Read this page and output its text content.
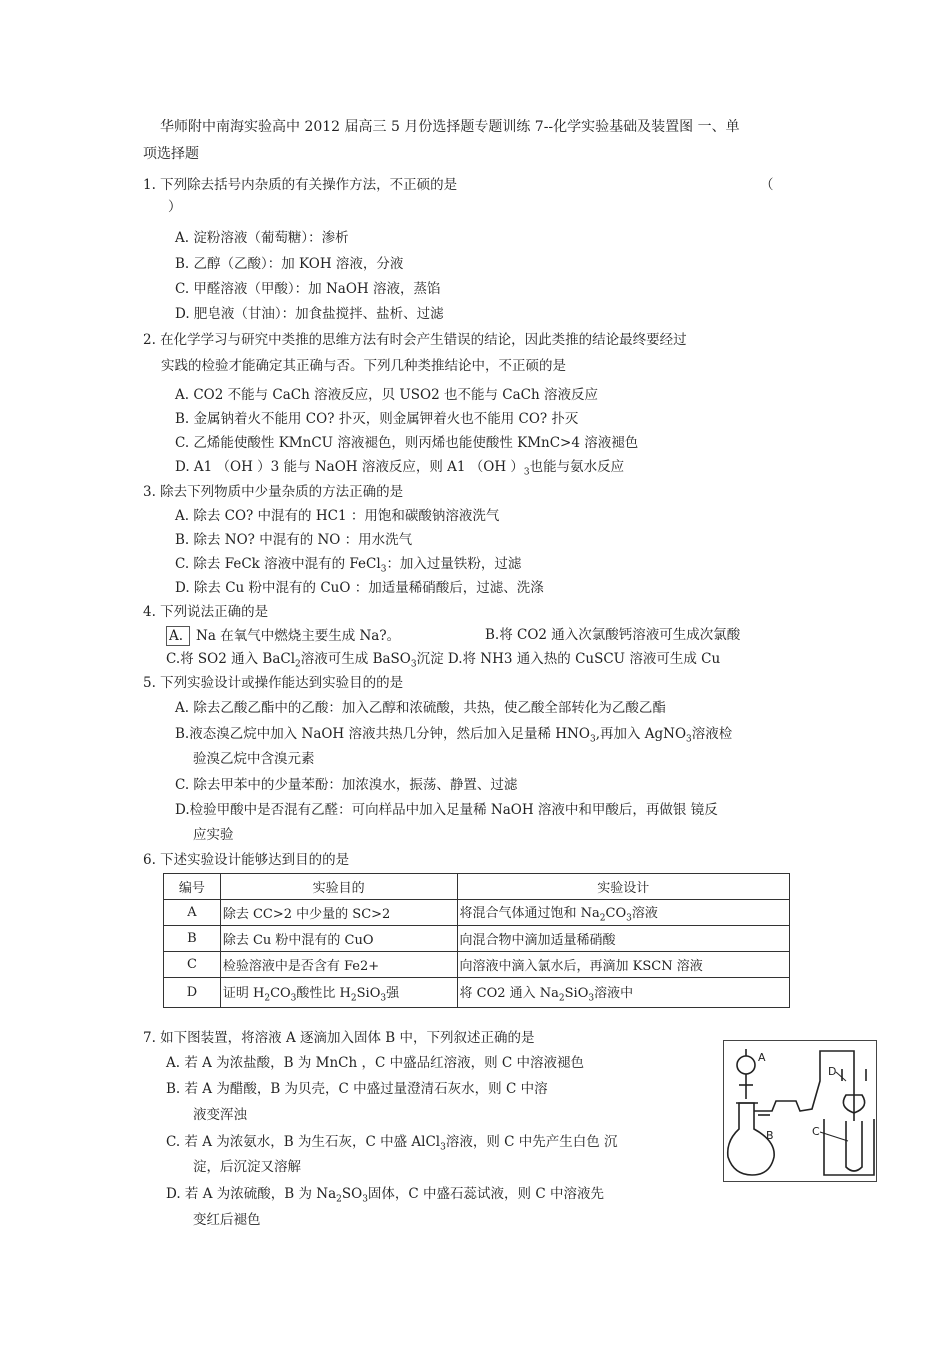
华师附中南海实验高中 2012 届高三 5 月份选择题专题训练 7--化学实验基础及装置图 一、单
项选择题
1. 下列除去括号内杂质的有关操作方法，不正硕的是	（
）
A. 淀粉溶液（葡萄糖）：渗析
B. 乙醇（乙酸）：加 KOH 溶液，分液
C. 甲醛溶液（甲酸）：加 NaOH 溶液，蒸馅
D. 肥皂液（甘油）：加食盐搅拌、盐析、过滤
2. 在化学学习与研究中类推的思维方法有时会产生错误的结论，因此类推的结论最终要经过
实践的检验才能确定其正确与否。下列几种类推结论中，不正硕的是
A. CO2 不能与 CaCh 溶液反应，贝 USO2 也不能与 CaCh 溶液反应
B. 金属钠着火不能用 CO? 扑灭，则金属钾着火也不能用 CO? 扑灭
C. 乙烯能使酸性 KMnCU 溶液褪色，则丙烯也能使酸性 KMnC>4 溶液褪色
D. A1 （OH ）3 能与 NaOH 溶液反应，则 A1 （OH ）$_3$也能与氨水反应
3. 除去下列物质中少量杂质的方法正确的是
A. 除去 CO? 中混有的 HC1 ：用饱和碳酸钠溶液洗气
B. 除去 NO? 中混有的 NO ：用水洗气
C. 除去 FeCk 溶液中混有的 FeCl$_3$：加入过量铁粉，过滤
D. 除去 Cu 粉中混有的 CuO ：加适量稀硝酸后，过滤、洗涤
4. 下列说法正确的是
A. Na 在氧气中燃烧主要生成 Na?。	B.将 CO2 通入次氯酸钙溶液可生成次氯酸
C.将 SO2 通入 BaCl$_2$溶液可生成 BaSO$_3$沉淀 D.将 NH3 通入热的 CuSCU 溶液可生成 Cu
5. 下列实验设计或操作能达到实验目的的是
A. 除去乙酸乙酯中的乙酸：加入乙醇和浓硫酸，共热，使乙酸全部转化为乙酸乙酯
B.液态溴乙烷中加入 NaOH 溶液共热几分钟，然后加入足量稀 $HNO_3$,再加入 AgNO$_3$溶液检
验溴乙烷中含溴元素
C. 除去甲苯中的少量苯酚：加浓溴水，振荡、静置、过滤
D.检验甲酸中是否混有乙醛：可向样品中加入足量稀 NaOH 溶液中和甲酸后，再做银 镜反
应实验
6. 下述实验设计能够达到目的的是
编号	实验目的	实验设计
A	除去 CC>2 中少量的 SC>2	将混合气体通过饱和 $Na_2CO_3$溶液
B	除去 Cu 粉中混有的 CuO	向混合物中滴加适量稀硝酸
C	检验溶液中是否含有 Fe2+	向溶液中滴入氯水后，再滴加 KSCN 溶液
D	证明 $H_2CO_3$酸性比 $H_2SiO_3$强	将 CO2 通入 $Na_2SiO_3$溶液中
7. 如下图装置，将溶液 A 逐滴加入固体 B 中，下列叙述正确的是
A. 若 A 为浓盐酸，B 为 MnCh ，C 中盛品红溶液，则 C 中溶液褪色
B. 若 A 为醋酸，B 为贝壳，C 中盛过量澄清石灰水，则 C 中溶
液变浑浊
C. 若 A 为浓氨水，B 为生石灰，C 中盛 AlCl$_3$溶液，则 C 中先产生白色 沉
淀，后沉淀又溶解
D. 若 A 为浓硫酸，B 为 $Na_2SO_3$固体，C 中盛石蕊试液，则 C 中溶液先
变红后褪色
A
B	C
D
